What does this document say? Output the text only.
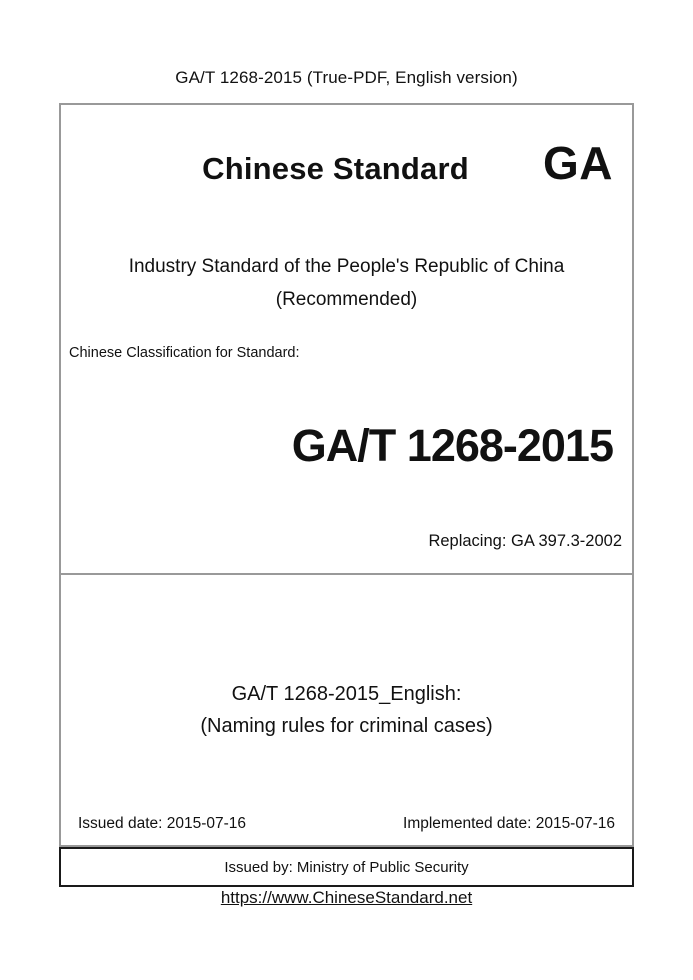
GA/T 1268-2015 (True-PDF, English version)
Chinese Standard	GA
Industry Standard of the People's Republic of China
(Recommended)
Chinese Classification for Standard:
GA/T 1268-2015
Replacing: GA 397.3-2002
GA/T 1268-2015_English:
(Naming rules for criminal cases)
Issued date: 2015-07-16	Implemented date: 2015-07-16
Issued by: Ministry of Public Security
https://www.ChineseStandard.net
